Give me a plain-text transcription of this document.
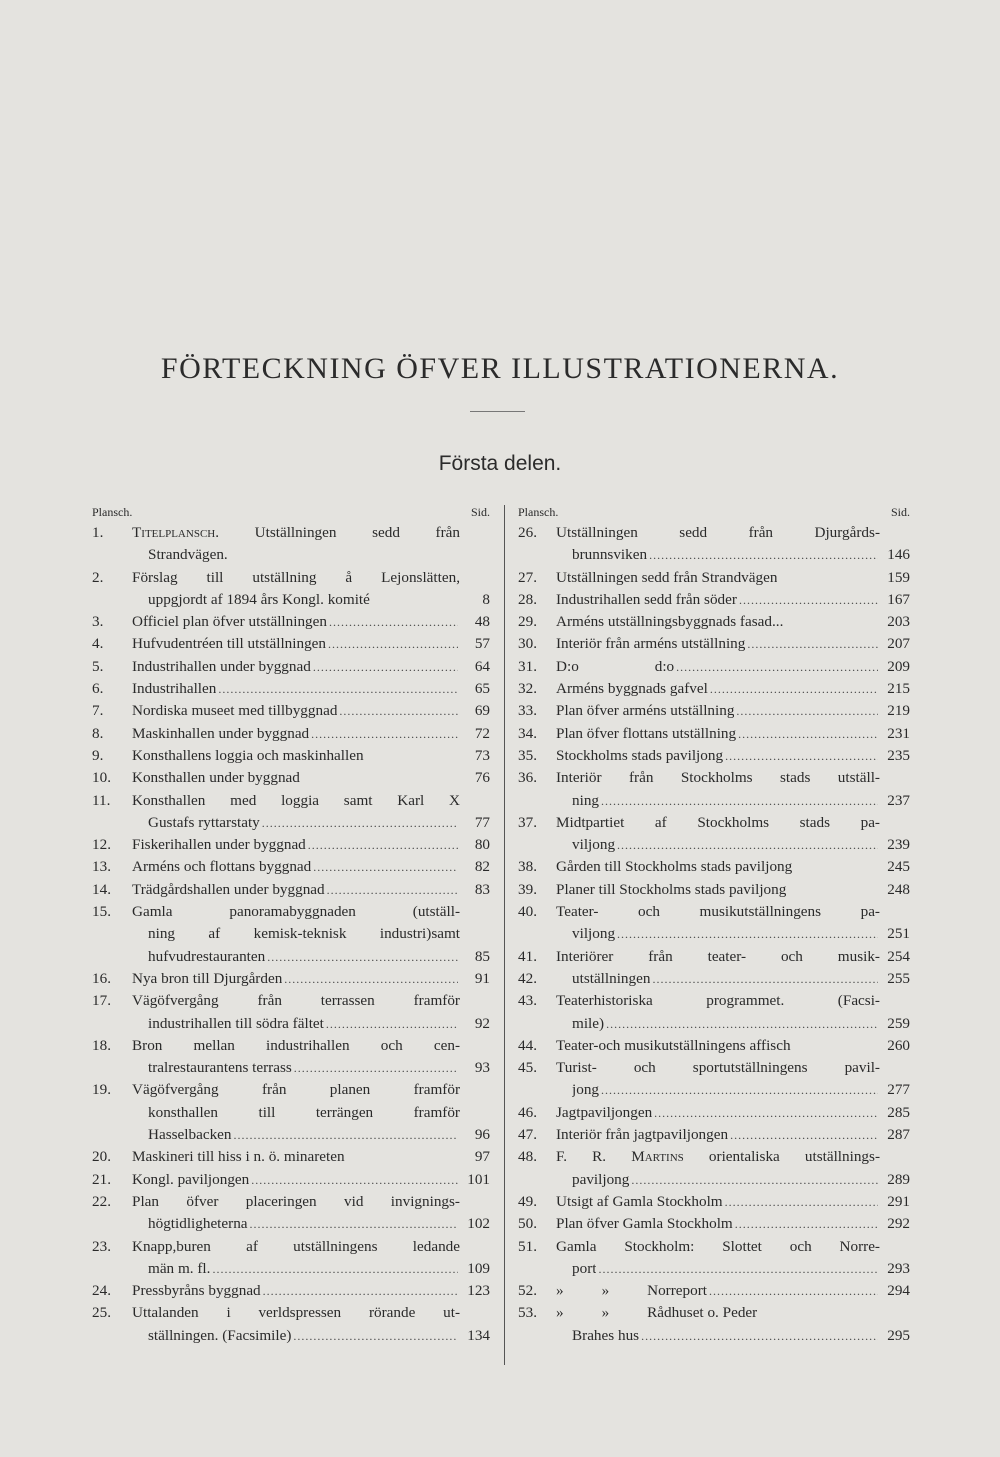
FÖRTECKNING ÖFVER ILLUSTRATIONERNA.
Första delen.
Plansch.	Sid.
1.	Titelplansch. Utställningen sedd från
Strandvägen.
2.	Förslag till utställning å Lejonslätten,
uppgjordt af 1894 års Kongl. komité	8
3.	Officiel plan öfver utställningen .....	48
4.	Hufvudentréen till utställningen .....	57
5.	Industrihallen under byggnad .....	64
6.	Industrihallen .....	65
7.	Nordiska museet med tillbyggnad .....	69
8.	Maskinhallen under byggnad .....	72
9.	Konsthallens loggia och maskinhallen	73
10.	Konsthallen under byggnad	76
11.	Konsthallen med loggia samt Karl X
Gustafs ryttarstaty .....	77
12.	Fiskerihallen under byggnad .....	80
13.	Arméns och flottans byggnad .....	82
14.	Trädgårdshallen under byggnad .....	83
15.	Gamla panoramabyggnaden (utställ-
ning af kemisk-teknisk industri)samt
hufvudrestauranten .....	85
16.	Nya bron till Djurgården .....	91
17.	Vägöfvergång från terrassen framför
industrihallen till södra fältet .....	92
18.	Bron mellan industrihallen och cen-
tralrestaurantens terrass .....	93
19.	Vägöfvergång från planen framför
konsthallen till terrängen framför
Hasselbacken .....	96
20.	Maskineri till hiss i n. ö. minareten	97
21.	Kongl. paviljongen .....	101
22.	Plan öfver placeringen vid invignings-
högtidligheterna .....	102
23.	Knapp,buren af utställningens ledande
män m. fl. .....	109
24.	Pressbyråns byggnad .....	123
25.	Uttalanden i verldspressen rörande ut-
ställningen. (Facsimile) .....	134
Plansch.	Sid.
26.	Utställningen sedd från Djurgårds-
brunnsviken .....	146
27.	Utställningen sedd från Strandvägen	159
28.	Industrihallen sedd från söder .....	167
29.	Arméns utställningsbyggnads fasad...	203
30.	Interiör från arméns utställning .....	207
31.	D:o                    d:o .....	209
32.	Arméns byggnads gafvel .....	215
33.	Plan öfver arméns utställning .....	219
34.	Plan öfver flottans utställning .....	231
35.	Stockholms stads paviljong .....	235
36.	Interiör från Stockholms stads utställ-
ning .....	237
37.	Midtpartiet af Stockholms stads pa-
viljong .....	239
38.	Gården till Stockholms stads paviljong	245
39.	Planer till Stockholms stads paviljong	248
40.	Teater- och musikutställningens pa-
viljong .....	251
41.	Interiörer från teater- och musik- 254
42.	utställningen .....	255
43.	Teaterhistoriska programmet. (Facsi-
mile) .....	259
44.	Teater-och musikutställningens affisch	260
45.	Turist- och sportutställningens pavil-
jong .....	277
46.	Jagtpaviljongen .....	285
47.	Interiör från jagtpaviljongen .....	287
48.	F. R. Martins orientaliska utställnings-
paviljong .....	289
49.	Utsigt af Gamla Stockholm .....	291
50.	Plan öfver Gamla Stockholm .....	292
51.	Gamla Stockholm: Slottet och Norre-
port .....	293
52.	»          »          Norreport .....	294
53.	»          »          Rådhuset o. Peder
Brahes hus .....	295
